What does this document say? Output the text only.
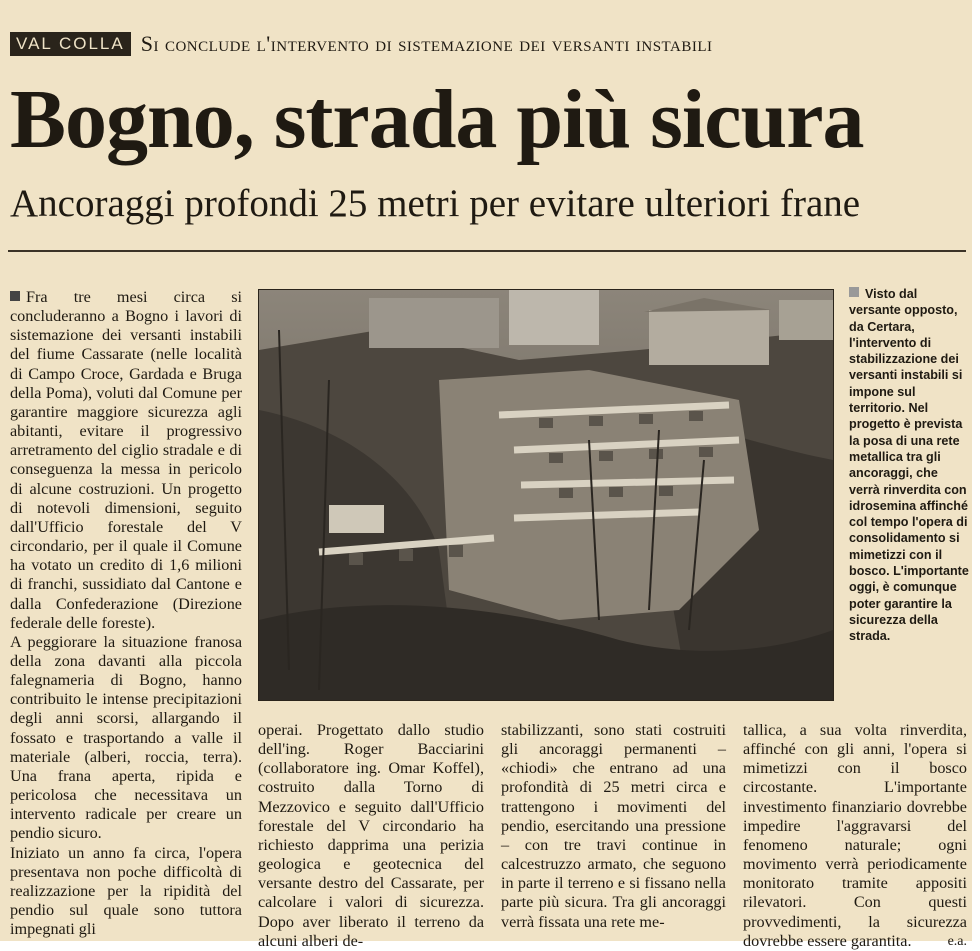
VAL COLLA Si conclude l'intervento di sistemazione dei versanti instabili
Bogno, strada più sicura
Ancoraggi profondi 25 metri per evitare ulteriori frane

Fra tre mesi circa si concluderanno a Bogno i lavori di sistemazione dei versanti instabili del fiume Cassarate (nelle località di Campo Croce, Gardada e Bruga della Poma), voluti dal Comune per garantire maggiore sicurezza agli abitanti, evitare il progressivo arretramento del ciglio stradale e di conseguenza la messa in pericolo di alcune costruzioni. Un progetto di notevoli dimensioni, seguito dall'Ufficio forestale del V circondario, per il quale il Comune ha votato un credito di 1,6 milioni di franchi, sussidiato dal Cantone e dalla Confederazione (Direzione federale delle foreste).

A peggiorare la situazione franosa della zona davanti alla piccola falegnameria di Bogno, hanno contribuito le intense precipitazioni degli anni scorsi, allargando il fossato e trasportando a valle il materiale (alberi, roccia, terra). Una frana aperta, ripida e pericolosa che necessitava un intervento radicale per creare un pendio sicuro.

Iniziato un anno fa circa, l'opera presentava non poche difficoltà di realizzazione per la ripidità del pendio sul quale sono tuttora impegnati gli

Visto dal versante opposto, da Certara, l'intervento di stabilizzazione dei versanti instabili si impone sul territorio. Nel progetto è prevista la posa di una rete metallica tra gli ancoraggi, che verrà rinverdita con idrosemina affinché col tempo l'opera di consolidamento si mimetizzi con il bosco. L'importante oggi, è comunque poter garantire la sicurezza della strada.

operai. Progettato dallo studio dell'ing. Roger Bacciarini (collaboratore ing. Omar Koffel), costruito dalla Torno di Mezzovico e seguito dall'Ufficio forestale del V circondario ha richiesto dapprima una perizia geologica e geotecnica del versante destro del Cassarate, per calcolare i valori di sicurezza. Dopo aver liberato il terreno da alcuni alberi de-

stabilizzanti, sono stati costruiti gli ancoraggi permanenti – «chiodi» che entrano ad una profondità di 25 metri circa e trattengono i movimenti del pendio, esercitando una pressione – con tre travi continue in calcestruzzo armato, che seguono in parte il terreno e si fissano nella parte più sicura. Tra gli ancoraggi verrà fissata una rete me-

tallica, a sua volta rinverdita, affinché con gli anni, l'opera si mimetizzi con il bosco circostante. L'importante investimento finanziario dovrebbe impedire l'aggravarsi del fenomeno naturale; ogni movimento verrà periodicamente monitorato tramite appositi rilevatori. Con questi provvedimenti, la sicurezza dovrebbe essere garantita.	e.a.
